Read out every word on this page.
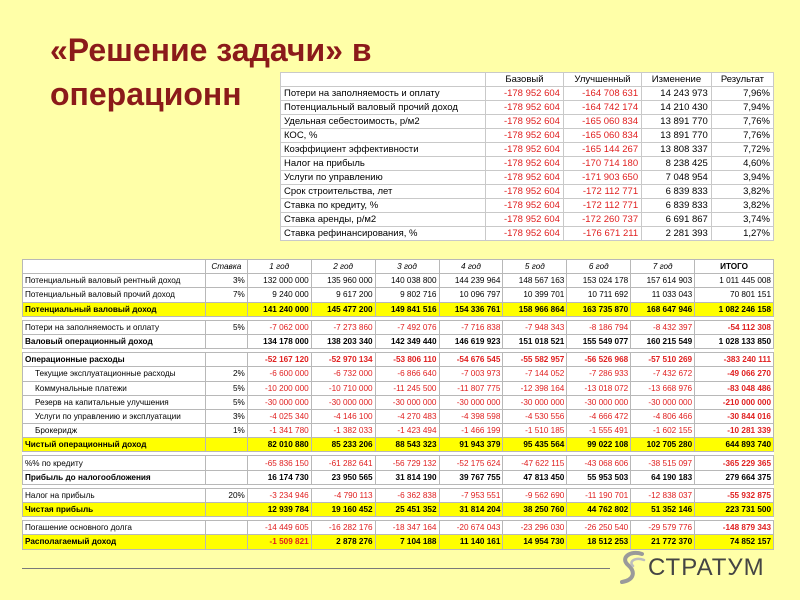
«Решение задачи» в операционн
		Базовый	Улучшенный	Изменение	Результат
Потери на заполняемость и оплату	-178 952 604	-164 708 631	14 243 973	7,96%
Потенциальный валовый прочий доход	-178 952 604	-164 742 174	14 210 430	7,94%
Удельная себестоимость, р/м2	-178 952 604	-165 060 834	13 891 770	7,76%
КОС, %	-178 952 604	-165 060 834	13 891 770	7,76%
Коэффициент эффективности	-178 952 604	-165 144 267	13 808 337	7,72%
Налог на прибыль	-178 952 604	-170 714 180	8 238 425	4,60%
Услуги по управлению	-178 952 604	-171 903 650	7 048 954	3,94%
Срок строительства, лет	-178 952 604	-172 112 771	6 839 833	3,82%
Ставка по кредиту, %	-178 952 604	-172 112 771	6 839 833	3,82%
Ставка аренды, р/м2	-178 952 604	-172 260 737	6 691 867	3,74%
Ставка рефинансирования, %	-178 952 604	-176 671 211	2 281 393	1,27%
	Ставка	1 год	2 год	3 год	4 год	5 год	6 год	7 год	ИТОГО
Потенциальный валовый рентный доход	3%	132 000 000	135 960 000	140 038 800	144 239 964	148 567 163	153 024 178	157 614 903	1 011 445 008
Потенциальный валовый прочий доход	7%	9 240 000	9 617 200	9 802 716	10 096 797	10 399 701	10 711 692	11 033 043	70 801 151
Потенциальный валовый доход		141 240 000	145 477 200	149 841 516	154 336 761	158 966 864	163 735 870	168 647 946	1 082 246 158

Потери на заполняемость и оплату	5%	-7 062 000	-7 273 860	-7 492 076	-7 716 838	-7 948 343	-8 186 794	-8 432 397	-54 112 308
Валовый операционный доход		134 178 000	138 203 340	142 349 440	146 619 923	151 018 521	155 549 077	160 215 549	1 028 133 850

Операционные расходы		-52 167 120	-52 970 134	-53 806 110	-54 676 545	-55 582 957	-56 526 968	-57 510 269	-383 240 111
Текущие эксплуатационные расходы	2%	-6 600 000	-6 732 000	-6 866 640	-7 003 973	-7 144 052	-7 286 933	-7 432 672	-49 066 270
Коммунальные платежи	5%	-10 200 000	-10 710 000	-11 245 500	-11 807 775	-12 398 164	-13 018 072	-13 668 976	-83 048 486
Резерв на капитальные улучшения	5%	-30 000 000	-30 000 000	-30 000 000	-30 000 000	-30 000 000	-30 000 000	-30 000 000	-210 000 000
Услуги по управлению и эксплуатации	3%	-4 025 340	-4 146 100	-4 270 483	-4 398 598	-4 530 556	-4 666 472	-4 806 466	-30 844 016
Брокеридж	1%	-1 341 780	-1 382 033	-1 423 494	-1 466 199	-1 510 185	-1 555 491	-1 602 155	-10 281 339
Чистый операционный доход		82 010 880	85 233 206	88 543 323	91 943 379	95 435 564	99 022 108	102 705 280	644 893 740

%% по кредиту		-65 836 150	-61 282 641	-56 729 132	-52 175 624	-47 622 115	-43 068 606	-38 515 097	-365 229 365
Прибыль до налогообложения		16 174 730	23 950 565	31 814 190	39 767 755	47 813 450	55 953 503	64 190 183	279 664 375

Налог на прибыль	20%	-3 234 946	-4 790 113	-6 362 838	-7 953 551	-9 562 690	-11 190 701	-12 838 037	-55 932 875
Чистая прибыль		12 939 784	19 160 452	25 451 352	31 814 204	38 250 760	44 762 802	51 352 146	223 731 500

Погашение основного долга		-14 449 605	-16 282 176	-18 347 164	-20 674 043	-23 296 030	-26 250 540	-29 579 776	-148 879 343
Располагаемый доход		-1 509 821	2 878 276	7 104 188	11 140 161	14 954 730	18 512 253	21 772 370	74 852 157
СТРАТУМ
